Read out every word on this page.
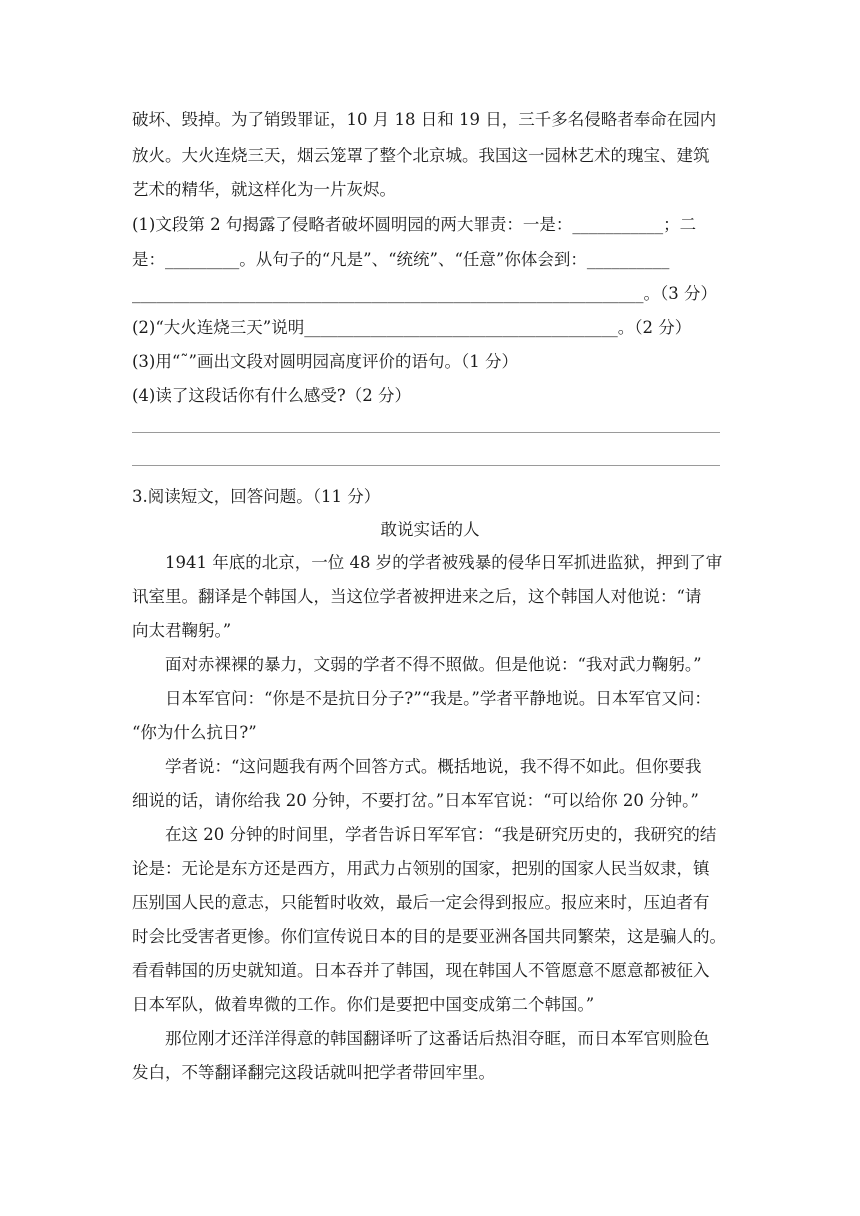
破坏、毁掉。为了销毁罪证，10 月 18 日和 19 日，三千多名侵略者奉命在园内
放火。大火连烧三天，烟云笼罩了整个北京城。我国这一园林艺术的瑰宝、建筑
艺术的精华，就这样化为一片灰烬。
(1)文段第 2 句揭露了侵略者破坏圆明园的两大罪责：一是：___________；二
是：_________。从句子的“凡是”、“统统”、“任意”你体会到：__________
______________________________________________________________。（3 分）
(2)“大火连烧三天”说明______________________________________。（2 分）
(3)用“˜”画出文段对圆明园高度评价的语句。（1 分）
(4)读了这段话你有什么感受?（2 分）
3.阅读短文，回答问题。（11 分）
敢说实话的人
1941 年底的北京，一位 48 岁的学者被残暴的侵华日军抓进监狱，押到了审
讯室里。翻译是个韩国人，当这位学者被押进来之后，这个韩国人对他说：“请
向太君鞠躬。”
面对赤裸裸的暴力，文弱的学者不得不照做。但是他说：“我对武力鞠躬。”
日本军官问：“你是不是抗日分子?”“我是。”学者平静地说。日本军官又问：
“你为什么抗日?”
学者说：“这问题我有两个回答方式。概括地说，我不得不如此。但你要我
细说的话，请你给我 20 分钟，不要打岔。”日本军官说：“可以给你 20 分钟。”
在这 20 分钟的时间里，学者告诉日军军官：“我是研究历史的，我研究的结
论是：无论是东方还是西方，用武力占领别的国家，把别的国家人民当奴隶，镇
压别国人民的意志，只能暂时收效，最后一定会得到报应。报应来时，压迫者有
时会比受害者更惨。你们宣传说日本的目的是要亚洲各国共同繁荣，这是骗人的。
看看韩国的历史就知道。日本吞并了韩国，现在韩国人不管愿意不愿意都被征入
日本军队，做着卑微的工作。你们是要把中国变成第二个韩国。”
那位刚才还洋洋得意的韩国翻译听了这番话后热泪夺眶，而日本军官则脸色
发白，不等翻译翻完这段话就叫把学者带回牢里。
